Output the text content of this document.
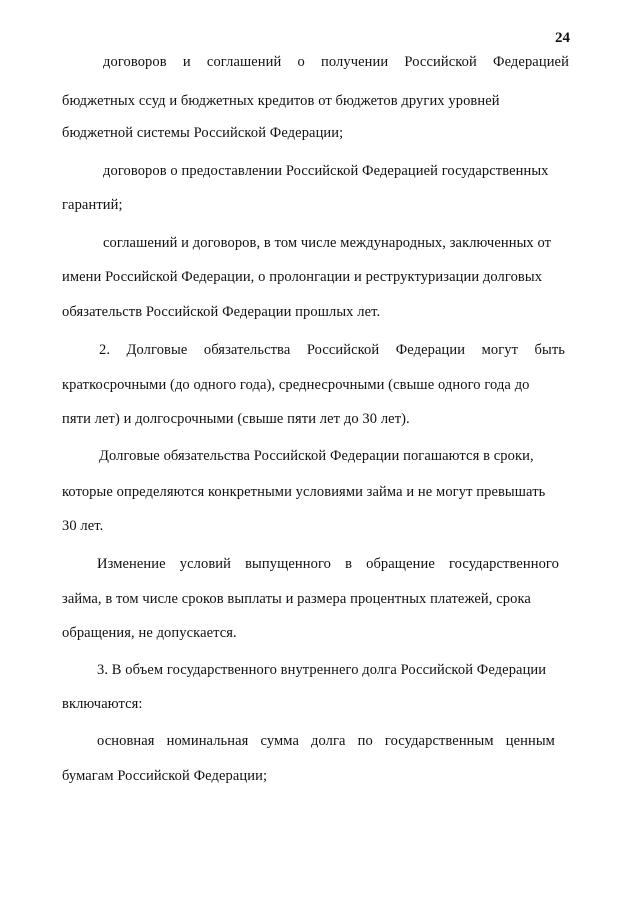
24
договоров и соглашений о получении Российской Федерацией
бюджетных ссуд и бюджетных кредитов от бюджетов других уровней
бюджетной системы Российской Федерации;
договоров о предоставлении Российской Федерацией государственных
гарантий;
соглашений и договоров, в том числе международных, заключенных от
имени Российской Федерации, о пролонгации и реструктуризации долговых
обязательств Российской Федерации прошлых лет.
2. Долговые обязательства Российской Федерации могут быть
краткосрочными (до одного года), среднесрочными (свыше одного года до
пяти лет) и долгосрочными (свыше пяти лет до 30 лет).
Долговые обязательства Российской Федерации погашаются в сроки,
которые определяются конкретными условиями займа и не могут превышать
30 лет.
Изменение условий выпущенного в обращение государственного
займа, в том числе сроков выплаты и размера процентных платежей, срока
обращения, не допускается.
3. В объем государственного внутреннего долга Российской Федерации
включаются:
основная номинальная сумма долга по государственным ценным
бумагам Российской Федерации;
